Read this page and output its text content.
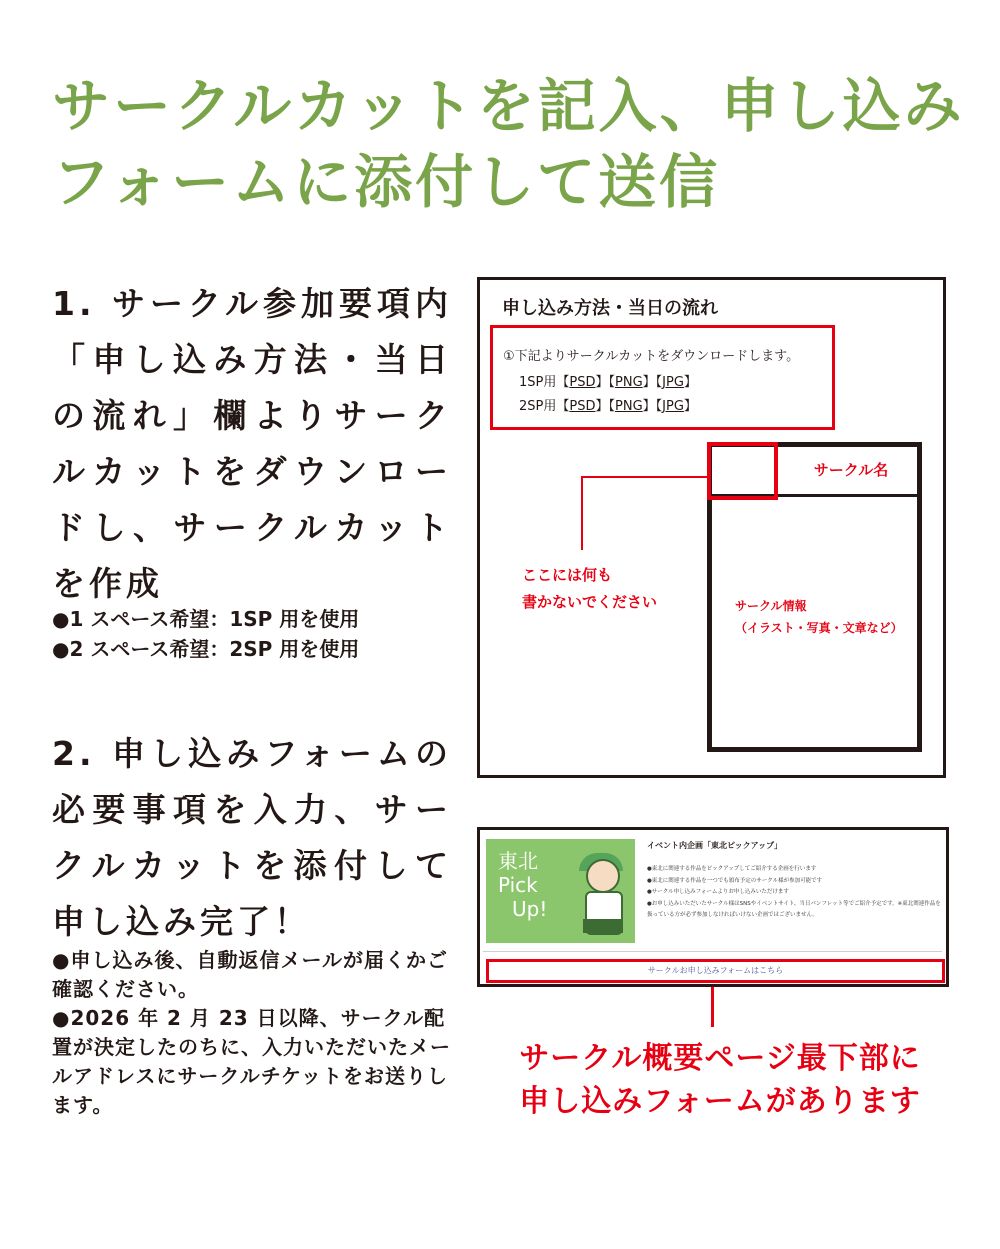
サークルカットを記入、申し込みフォームに添付して送信

1. サークル参加要項内「申し込み方法・当日の流れ」欄よりサークルカットをダウンロードし、サークルカットを作成

●1 スペース希望：1SP 用を使用

●2 スペース希望：2SP 用を使用

2. 申し込みフォームの必要事項を入力、サークルカットを添付して申し込み完了！

●申し込み後、自動返信メールが届くかご確認ください。

●2026 年 2 月 23 日以降、サークル配置が決定したのちに、入力いただいたメールアドレスにサークルチケットをお送りします。

申し込み方法・当日の流れ
①下記よりサークルカットをダウンロードします。
1SP用【PSD】【PNG】【JPG】
2SP用【PSD】【PNG】【JPG】
サークル名

サークル情報

（イラスト・写真・文章など）

ここには何も

書かないでください

東北

Pick

Up!

イベント内企画「東北ピックアップ」

●東北に関連する作品をピックアップしてご紹介する企画を行います

●東北に関連する作品を一つでも頒布予定のサークル様が参加可能です

●サークル申し込みフォームよりお申し込みいただけます

●お申し込みいただいたサークル様はSNSやイベントサイト、当日パンフレット等でご紹介予定です。※東北関連作品を扱っている方が必ず参加しなければいけない企画ではございません。

サークルお申し込みフォームはこちら
サークル概要ページ最下部に
申し込みフォームがあります
